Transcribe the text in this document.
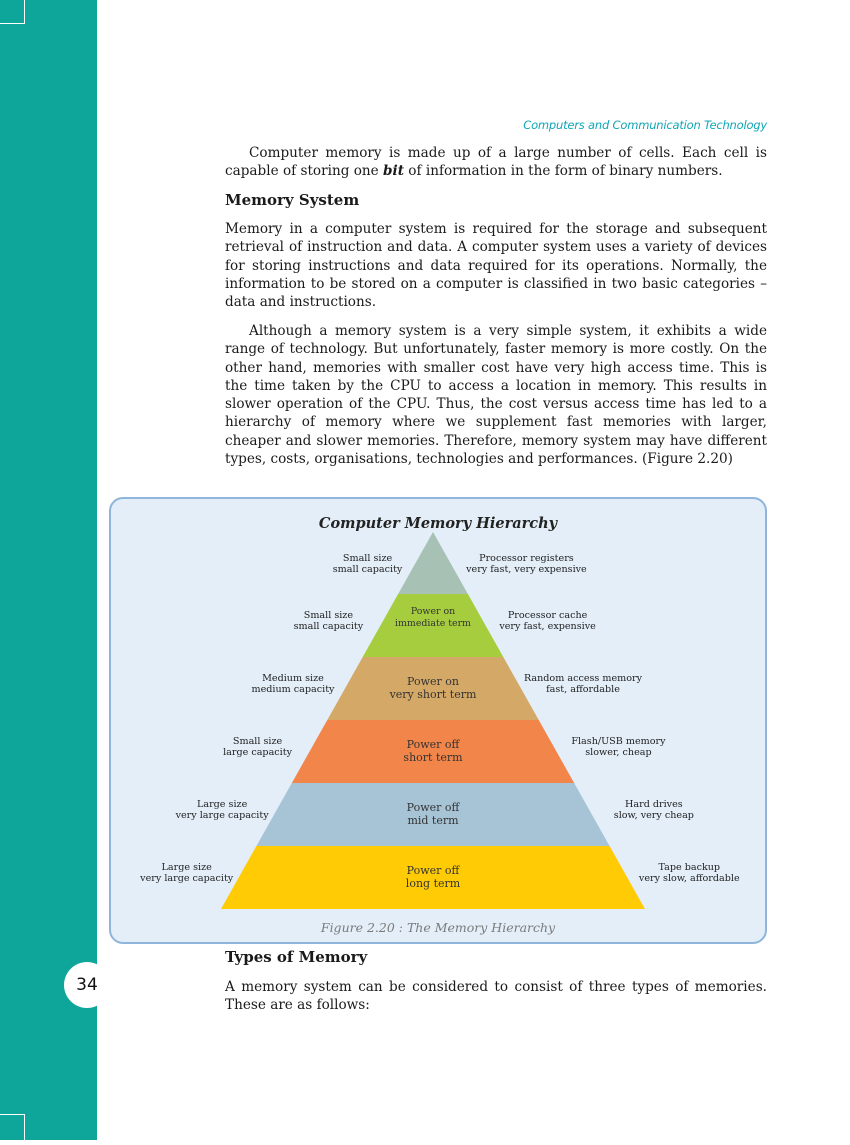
34
Computers and Communication Technology

Computer memory is made up of a large number of cells. Each cell is capable of storing one bit of information in the form of binary numbers.

Memory System

Memory in a computer system is required for the storage and subsequent retrieval of instruction and data. A computer system uses a variety of devices for storing instructions and data required for its operations. Normally, the information to be stored on a computer is classified in two basic categories – data and instructions.

Although a memory system is a very simple system, it exhibits a wide range of technology. But unfortunately, faster memory is more costly. On the other hand, memories with smaller cost have very high access time. This is the time taken by the CPU to access a location in memory. This results in slower operation of the CPU. Thus, the cost versus access time has led to a hierarchy of memory where we supplement fast memories with larger, cheaper and slower memories. Therefore, memory system may have different types, costs, organisations, technologies and performances. (Figure 2.20)

Computer Memory Hierarchy
Small size
small capacity
Processor registers
very fast, very expensive
Power on
immediate term
Small size
small capacity
Processor cache
very fast, expensive
Power on
very short term
Medium size
medium capacity
Random access memory
fast, affordable
Power off
short term
Small size
large capacity
Flash/USB memory
slower, cheap
Power off
mid term
Large size
very large capacity
Hard drives
slow, very cheap
Power off
long term
Large size
very large capacity
Tape backup
very slow, affordable
Figure 2.20 : The Memory Hierarchy
Types of Memory

A memory system can be considered to consist of three types of memories. These are as follows:
